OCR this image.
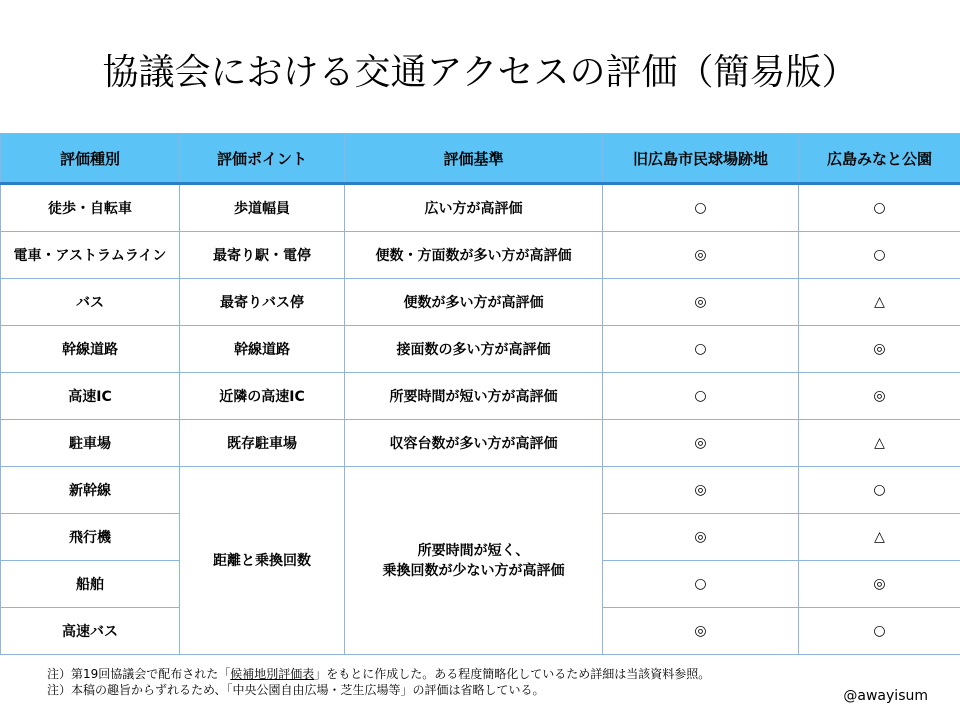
協議会における交通アクセスの評価（簡易版）
評価種別	評価ポイント	評価基準	旧広島市民球場跡地	広島みなと公園
徒歩・自転車	歩道幅員	広い方が高評価	○	○
電車・アストラムライン	最寄り駅・電停	便数・方面数が多い方が高評価	◎	○
バス	最寄りバス停	便数が多い方が高評価	◎	△
幹線道路	幹線道路	接面数の多い方が高評価	○	◎
高速IC	近隣の高速IC	所要時間が短い方が高評価	○	◎
駐車場	既存駐車場	収容台数が多い方が高評価	◎	△
新幹線	距離と乗換回数	所要時間が短く、
乗換回数が少ない方が高評価	◎	○
飛行機			◎	△
船舶			○	◎
高速バス			◎	○
注）第19回協議会で配布された「候補地別評価表」をもとに作成した。ある程度簡略化しているため詳細は当該資料参照。
注）本稿の趣旨からずれるため、「中央公園自由広場・芝生広場等」の評価は省略している。	@awayisum
